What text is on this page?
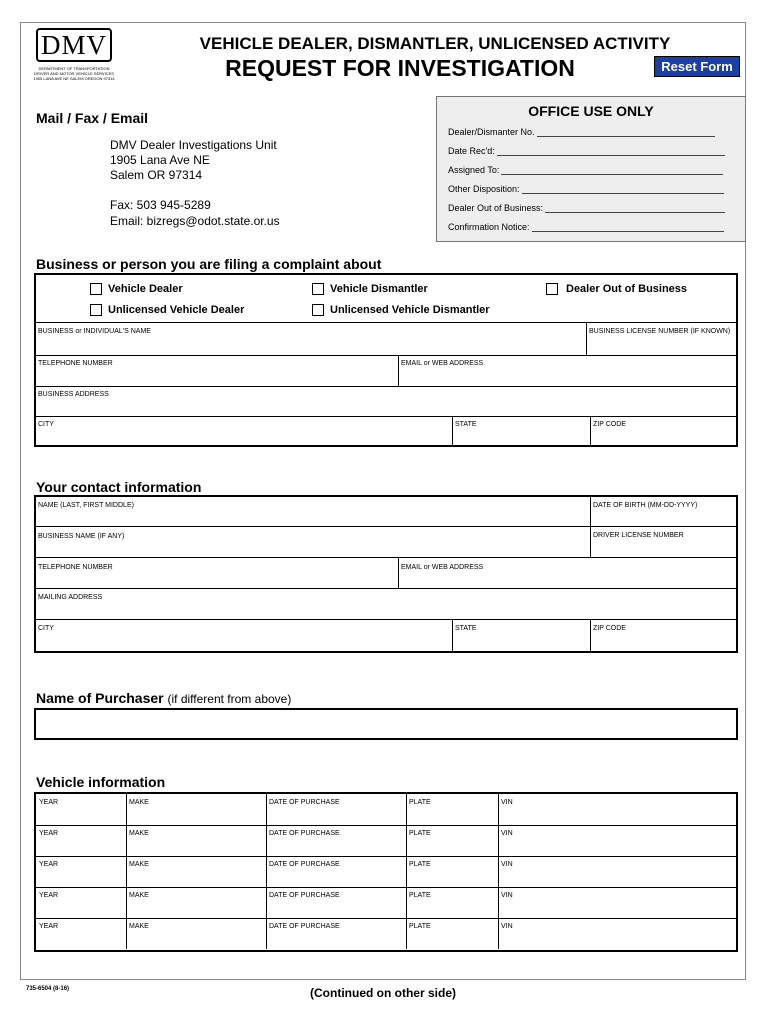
DMV
DEPARTMENT OF TRANSPORTATION
DRIVER AND MOTOR VEHICLE SERVICES
1905 LANA AVE NE SALEM OREGON 97314
VEHICLE DEALER, DISMANTLER, UNLICENSED ACTIVITY
REQUEST FOR INVESTIGATION	Reset Form
Mail / Fax / Email
DMV Dealer Investigations Unit
1905 Lana Ave NE
Salem OR 97314
Fax: 503 945-5289
Email: bizregs@odot.state.or.us
OFFICE USE ONLY
Dealer/Dismanter No.
Date Rec'd:
Assigned To:
Other Disposition:
Dealer Out of Business:
Confirmation Notice:
Business or person you are filing a complaint about
Vehicle Dealer	Vehicle Dismantler	Dealer Out of Business
Unlicensed Vehicle Dealer	Unlicensed Vehicle Dismantler
BUSINESS or INDIVIDUAL'S NAME	BUSINESS LICENSE NUMBER (IF KNOWN)
TELEPHONE NUMBER	EMAIL or WEB ADDRESS
BUSINESS ADDRESS
CITY	STATE	ZIP CODE
Your contact information
NAME (LAST, FIRST MIDDLE)	DATE OF BIRTH (MM-DD-YYYY)
BUSINESS NAME (IF ANY)	DRIVER LICENSE NUMBER
TELEPHONE NUMBER	EMAIL or WEB ADDRESS
MAILING ADDRESS
CITY	STATE	ZIP CODE
Name of Purchaser (if different from above)
Vehicle information
YEAR	MAKE	DATE OF PURCHASE	PLATE	VIN
YEAR	MAKE	DATE OF PURCHASE	PLATE	VIN
YEAR	MAKE	DATE OF PURCHASE	PLATE	VIN
YEAR	MAKE	DATE OF PURCHASE	PLATE	VIN
YEAR	MAKE	DATE OF PURCHASE	PLATE	VIN
735-6504 (8-16)	(Continued on other side)
